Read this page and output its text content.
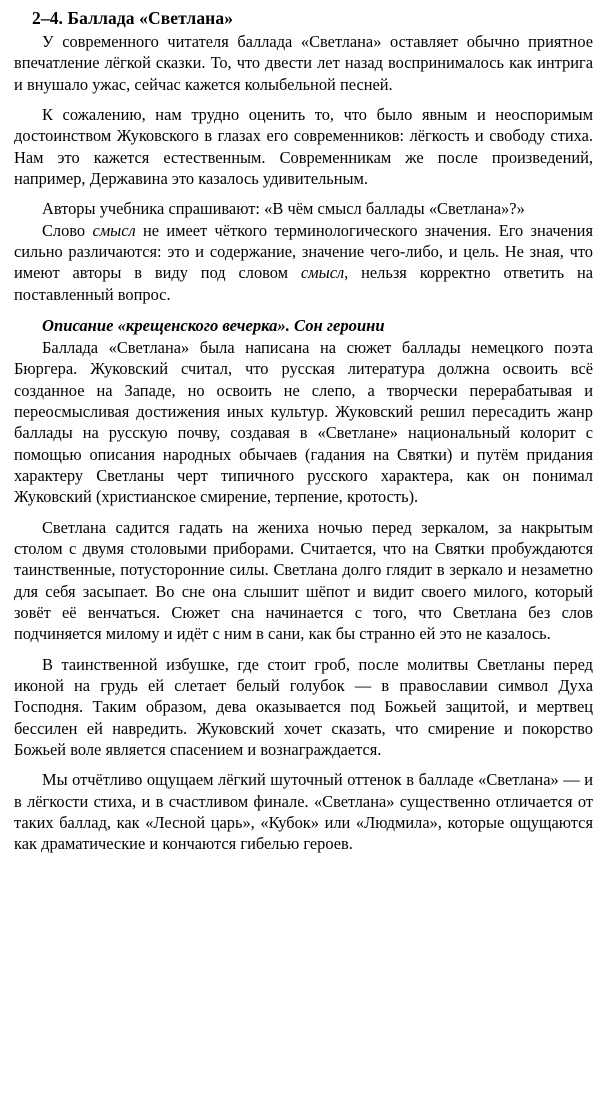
2–4. Баллада «Светлана»

У современного читателя баллада «Светлана» оставляет обычно приятное впечатление лёгкой сказки. То, что двести лет назад воспринималось как интрига и внушало ужас, сейчас кажется колыбельной песней.

К сожалению, нам трудно оценить то, что было явным и неоспоримым достоинством Жуковского в глазах его современников: лёгкость и свободу стиха. Нам это кажется естественным. Современникам же после произведений, например, Державина это казалось удивительным.

Авторы учебника спрашивают: «В чём смысл баллады «Светлана»?»

Слово смысл не имеет чёткого терминологического значения. Его значения сильно различаются: это и содержание, значение чего-либо, и цель. Не зная, что имеют авторы в виду под словом смысл, нельзя корректно ответить на поставленный вопрос.

Описание «крещенского вечерка». Сон героини

Баллада «Светлана» была написана на сюжет баллады немецкого поэта Бюргера. Жуковский считал, что русская литература должна освоить всё созданное на Западе, но освоить не слепо, а творчески перерабатывая и переосмысливая достижения иных культур. Жуковский решил пересадить жанр баллады на русскую почву, создавая в «Светлане» национальный колорит с помощью описания народных обычаев (гадания на Святки) и путём придания характеру Светланы черт типичного русского характера, как он понимал Жуковский (христианское смирение, терпение, кротость).

Светлана садится гадать на жениха ночью перед зеркалом, за накрытым столом с двумя столовыми приборами. Считается, что на Святки пробуждаются таинственные, потусторонние силы. Светлана долго глядит в зеркало и незаметно для себя засыпает. Во сне она слышит шёпот и видит своего милого, который зовёт её венчаться. Сюжет сна начинается с того, что Светлана без слов подчиняется милому и идёт с ним в сани, как бы странно ей это не казалось.

В таинственной избушке, где стоит гроб, после молитвы Светланы перед иконой на грудь ей слетает белый голубок — в православии символ Духа Господня. Таким образом, дева оказывается под Божьей защитой, и мертвец бессилен ей навредить. Жуковский хочет сказать, что смирение и покорство Божьей воле является спасением и вознаграждается.

Мы отчётливо ощущаем лёгкий шуточный оттенок в балладе «Светлана» — и в лёгкости стиха, и в счастливом финале. «Светлана» существенно отличается от таких баллад, как «Лесной царь», «Кубок» или «Людмила», которые ощущаются как драматические и кончаются гибелью героев.
